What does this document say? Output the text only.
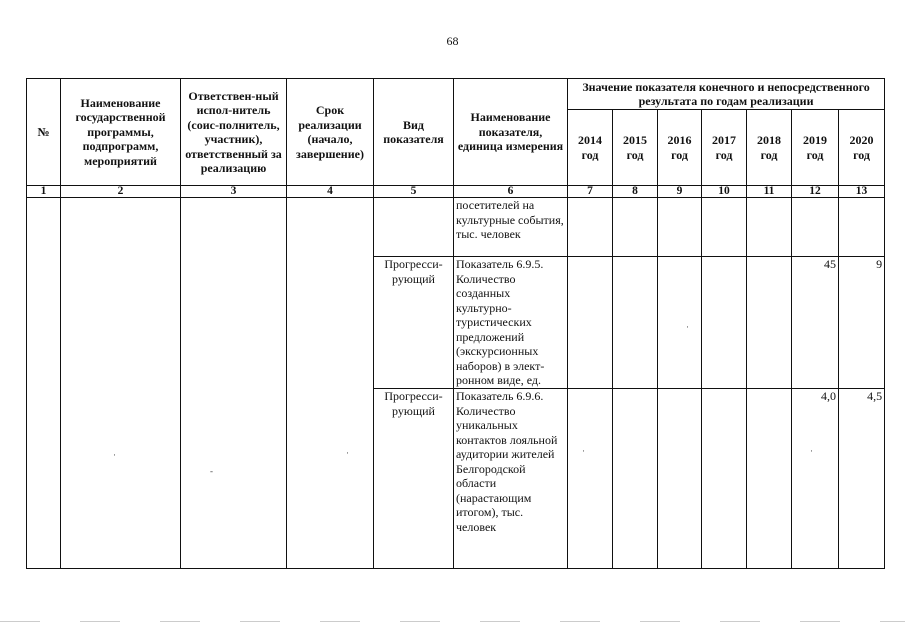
68
№	Наименование государственной программы, подпрограмм, мероприятий	Ответствен-ный испол-нитель (соис-полнитель, участник), ответственный за реализацию	Срок реализации (начало, завершение)	Вид показателя	Наименование показателя, единица измерения	Значение показателя конечного и непосредственного результата по годам реализации						
						2014 год	2015 год	2016 год	2017 год	2018 год	2019 год	2020 год
1	2	3	4	5	6	7	8	9	10	11	12	13
					посетителей на культурные события, тыс. человек							
				Прогресси-рующий	Показатель 6.9.5. Количество созданных культурно-туристических предложений (экскурсионных наборов) в элект-ронном виде, ед.						45	9
				Прогресси-рующий	Показатель 6.9.6. Количество уникальных контактов лояльной аудитории жителей Белгородской области (нарастающим итогом), тыс. человек						4,0	4,5
·
-
·
·
·	·
